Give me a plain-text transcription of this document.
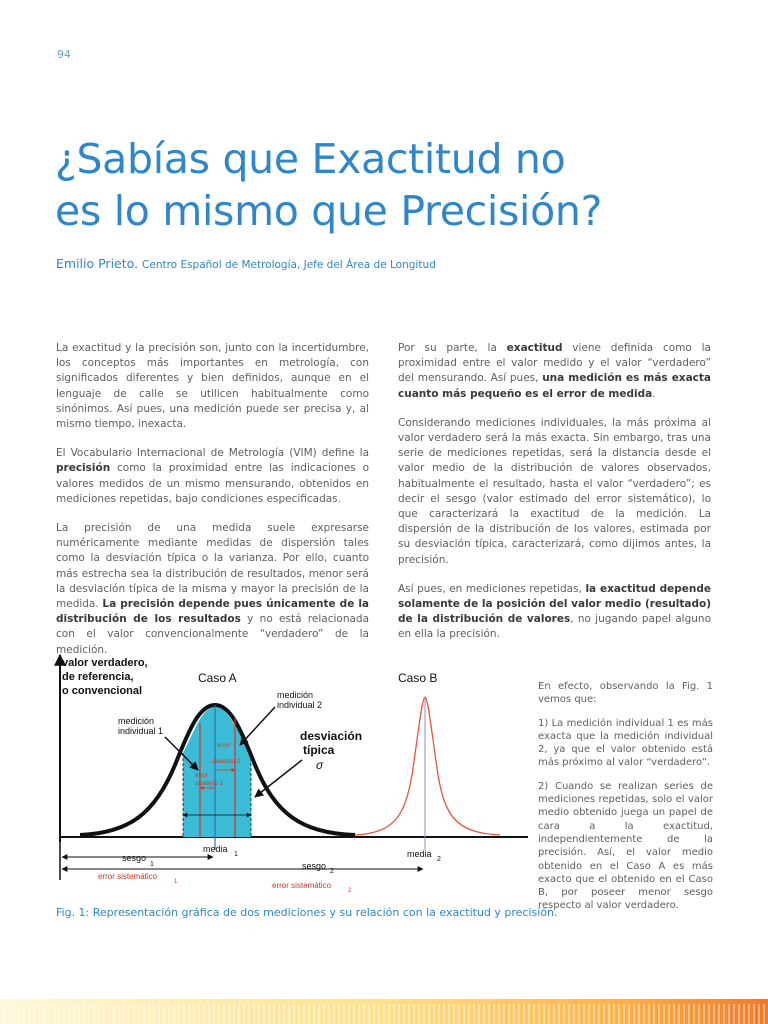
94
¿Sabías que Exactitud no
es lo mismo que Precisión?
Emilio Prieto. Centro Español de Metrología, Jefe del Área de Longitud

La exactitud y la precisión son, junto con la incertidumbre, los conceptos más importantes en metrología, con significados diferentes y bien definidos, aunque en el lenguaje de calle se utilicen habitualmente como sinónimos. Así pues, una medición puede ser precisa y, al mismo tiempo, inexacta.

El Vocabulario Internacional de Metrología (VIM) define la precisión como la proximidad entre las indicaciones o valores medidos de un mismo mensurando, obtenidos en mediciones repetidas, bajo condiciones especificadas.

La precisión de una medida suele expresarse numéricamente mediante medidas de dispersión tales como la desviación típica o la varianza. Por ello, cuanto más estrecha sea la distribución de resultados, menor será la desviación típica de la misma y mayor la precisión de la medida. La precisión depende pues únicamente de la distribución de los resultados y no está relacionada con el valor convencionalmente “verdadero” de la medición.

Por su parte, la exactitud viene definida como la proximidad entre el valor medido y el valor “verdadero” del mensurando. Así pues, una medición es más exacta cuanto más pequeño es el error de medida.

Considerando mediciones individuales, la más próxima al valor verdadero será la más exacta. Sin embargo, tras una serie de mediciones repetidas, será la distancia desde el valor medio de la distribución de valores observados, habitualmente el resultado, hasta el valor “verdadero”; es decir el sesgo (valor estimado del error sistemático), lo que caracterizará la exactitud de la medición. La dispersión de la distribución de los valores, estimada por su desviación típica, caracterizará, como dijimos antes, la precisión.

Así pues, en mediciones repetidas, la exactitud depende solamente de la posición del valor medio (resultado) de la distribución de valores, no jugando papel alguno en ella la precisión.

valor verdadero,
de referencia,
o convencional
Caso A	Caso B
medición
individual 1
medición
individual 2
desviación
típica
σ
error
aleatorio 2
error
aleatorio 1
media
1	media
2
sesgo
1
error sistemático
1
sesgo
2
error sistemático
2

En efecto, observando la Fig. 1 vemos que:

1) La medición individual 1 es más exacta que la medición individual 2, ya que el valor obtenido está más próximo al valor “verdadero”.

2) Cuando se realizan series de mediciones repetidas, solo el valor medio obtenido juega un papel de cara a la exactitud, independientemente de la precisión. Así, el valor medio obtenido en el Caso A es más exacto que el obtenido en el Caso B, por poseer menor sesgo respecto al valor verdadero.

Fig. 1: Representación gráfica de dos mediciones y su relación con la exactitud y precisión.
